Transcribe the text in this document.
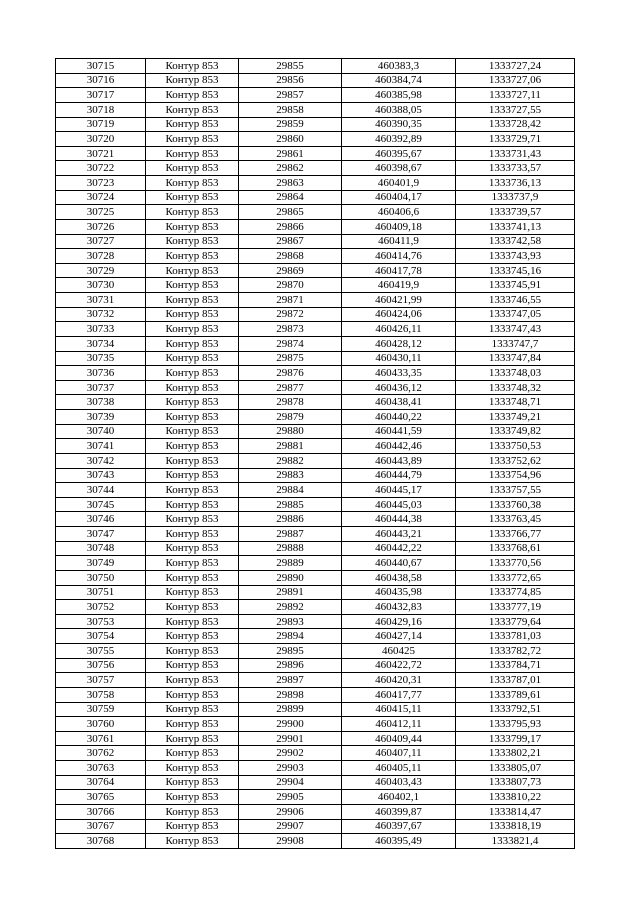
30715	Контур 853	29855	460383,3	1333727,24
30716	Контур 853	29856	460384,74	1333727,06
30717	Контур 853	29857	460385,98	1333727,11
30718	Контур 853	29858	460388,05	1333727,55
30719	Контур 853	29859	460390,35	1333728,42
30720	Контур 853	29860	460392,89	1333729,71
30721	Контур 853	29861	460395,67	1333731,43
30722	Контур 853	29862	460398,67	1333733,57
30723	Контур 853	29863	460401,9	1333736,13
30724	Контур 853	29864	460404,17	1333737,9
30725	Контур 853	29865	460406,6	1333739,57
30726	Контур 853	29866	460409,18	1333741,13
30727	Контур 853	29867	460411,9	1333742,58
30728	Контур 853	29868	460414,76	1333743,93
30729	Контур 853	29869	460417,78	1333745,16
30730	Контур 853	29870	460419,9	1333745,91
30731	Контур 853	29871	460421,99	1333746,55
30732	Контур 853	29872	460424,06	1333747,05
30733	Контур 853	29873	460426,11	1333747,43
30734	Контур 853	29874	460428,12	1333747,7
30735	Контур 853	29875	460430,11	1333747,84
30736	Контур 853	29876	460433,35	1333748,03
30737	Контур 853	29877	460436,12	1333748,32
30738	Контур 853	29878	460438,41	1333748,71
30739	Контур 853	29879	460440,22	1333749,21
30740	Контур 853	29880	460441,59	1333749,82
30741	Контур 853	29881	460442,46	1333750,53
30742	Контур 853	29882	460443,89	1333752,62
30743	Контур 853	29883	460444,79	1333754,96
30744	Контур 853	29884	460445,17	1333757,55
30745	Контур 853	29885	460445,03	1333760,38
30746	Контур 853	29886	460444,38	1333763,45
30747	Контур 853	29887	460443,21	1333766,77
30748	Контур 853	29888	460442,22	1333768,61
30749	Контур 853	29889	460440,67	1333770,56
30750	Контур 853	29890	460438,58	1333772,65
30751	Контур 853	29891	460435,98	1333774,85
30752	Контур 853	29892	460432,83	1333777,19
30753	Контур 853	29893	460429,16	1333779,64
30754	Контур 853	29894	460427,14	1333781,03
30755	Контур 853	29895	460425	1333782,72
30756	Контур 853	29896	460422,72	1333784,71
30757	Контур 853	29897	460420,31	1333787,01
30758	Контур 853	29898	460417,77	1333789,61
30759	Контур 853	29899	460415,11	1333792,51
30760	Контур 853	29900	460412,11	1333795,93
30761	Контур 853	29901	460409,44	1333799,17
30762	Контур 853	29902	460407,11	1333802,21
30763	Контур 853	29903	460405,11	1333805,07
30764	Контур 853	29904	460403,43	1333807,73
30765	Контур 853	29905	460402,1	1333810,22
30766	Контур 853	29906	460399,87	1333814,47
30767	Контур 853	29907	460397,67	1333818,19
30768	Контур 853	29908	460395,49	1333821,4
